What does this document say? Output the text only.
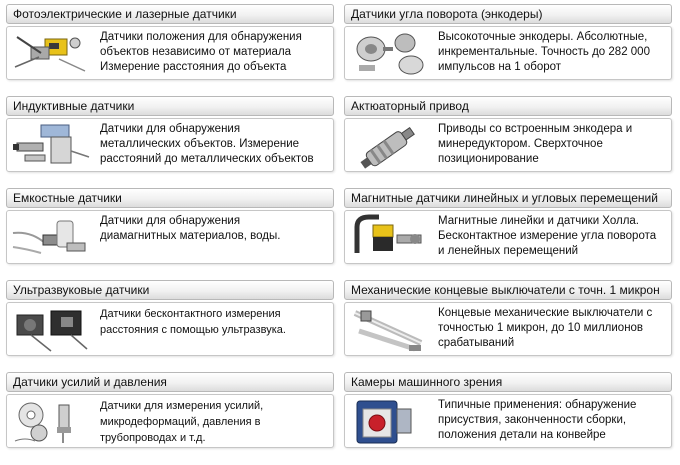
Фотоэлектрические и лазерные датчики
Датчики положения для обнаружения
объектов независимо от материала
Измерение расстояния до объекта
Индуктивные датчики
Датчики для обнаружения
металлических объектов. Измерение
расстояний до металлических объектов
Емкостные датчики
Датчики для обнаружения
диамагнитных материалов, воды.
Ультразвуковые датчики
Датчики бесконтактного измерения
расстояния с помощью ультразвука.
Датчики усилий и давления
Датчики для измерения усилий,
микродеформаций, давления в
трубопроводах и т.д.
Датчики угла поворота (энкодеры)
Высокоточные энкодеры. Абсолютные,
инкрементальные. Точность до 282 000
импульсов на 1 оборот
Актюаторный привод
Приводы со встроенным энкодера и
минередуктором. Сверхточное
позиционирование
Магнитные датчики линейных и угловых перемещений
Магнитные линейки и датчики Холла.
Бесконтактное измерение угла поворота
и ленейных перемещений
Механические концевые выключатели с точн. 1 микрон
Концевые механические выключатели с
точностью 1 микрон, до 10 миллионов
срабатываний
Камеры машинного зрения
Типичные применения: обнаружение
присуствия, законченности сборки,
положения детали на конвейре
